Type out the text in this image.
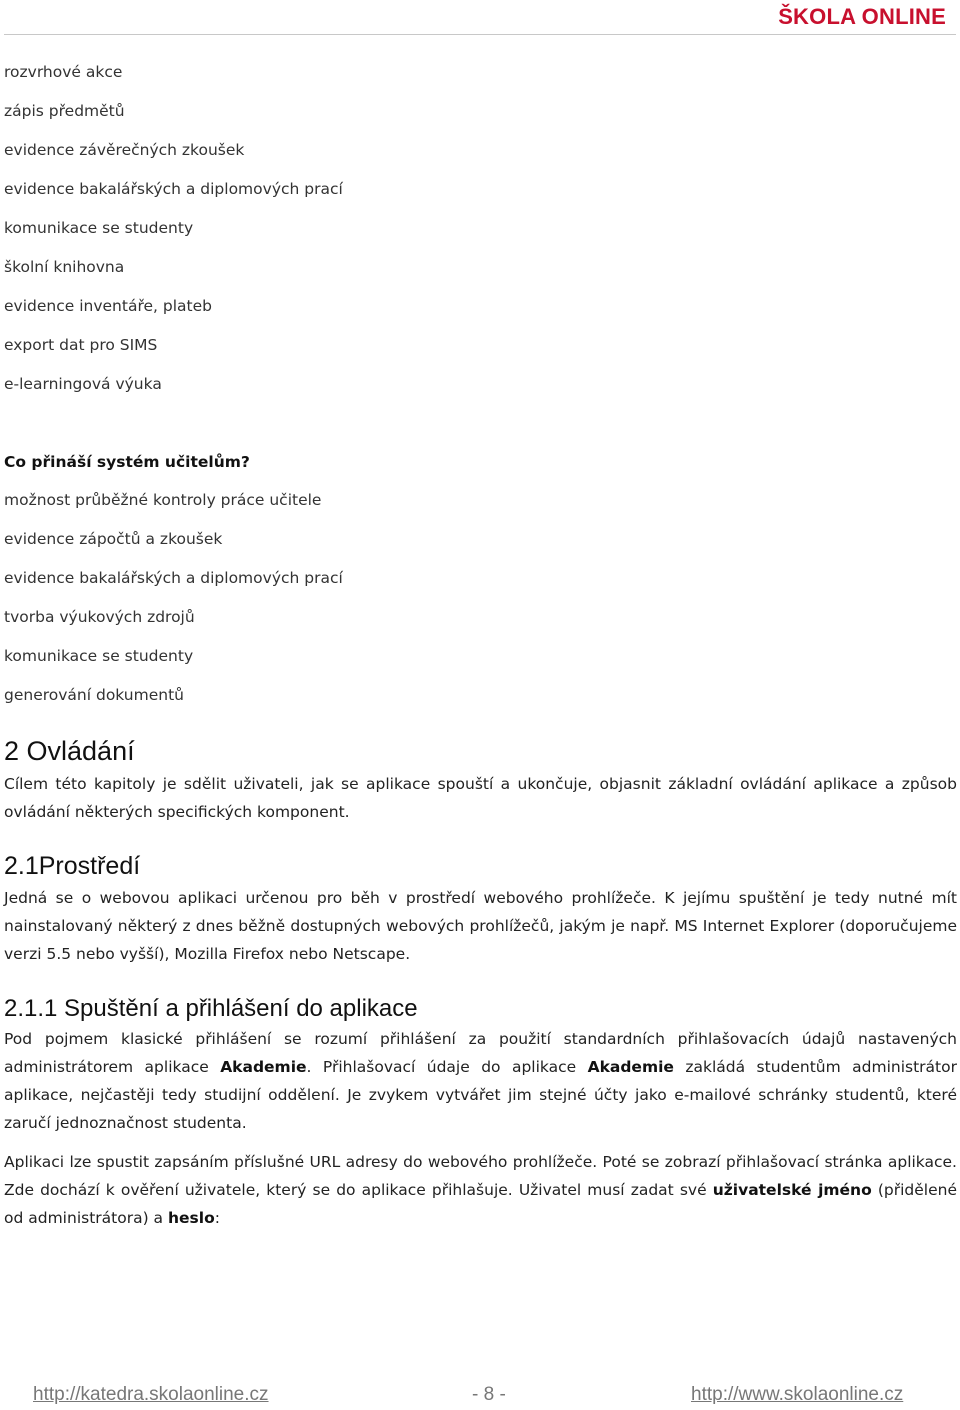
ŠKOLA ONLINE
rozvrhové akce
zápis předmětů
evidence závěrečných zkoušek
evidence bakalářských a diplomových prací
komunikace se studenty
školní knihovna
evidence inventáře, plateb
export dat pro SIMS
e-learningová výuka
Co přináší systém učitelům?
možnost průběžné kontroly práce učitele
evidence zápočtů a zkoušek
evidence bakalářských a diplomových prací
tvorba výukových zdrojů
komunikace se studenty
generování dokumentů
2 Ovládání

Cílem této kapitoly je sdělit uživateli, jak se aplikace spouští a ukončuje, objasnit základní ovládání aplikace a způsob ovládání některých specifických komponent.

2.1Prostředí

Jedná se o webovou aplikaci určenou pro běh v prostředí webového prohlížeče. K jejímu spuštění je tedy nutné mít nainstalovaný některý z dnes běžně dostupných webových prohlížečů, jakým je např. MS Internet Explorer (doporučujeme verzi 5.5 nebo vyšší), Mozilla Firefox nebo Netscape.

2.1.1 Spuštění a přihlášení do aplikace

Pod pojmem klasické přihlášení se rozumí přihlášení za použití standardních přihlašovacích údajů nastavených administrátorem aplikace Akademie. Přihlašovací údaje do aplikace Akademie zakládá studentům administrátor aplikace, nejčastěji tedy studijní oddělení. Je zvykem vytvářet jim stejné účty jako e-mailové schránky studentů, které zaručí jednoznačnost studenta.

Aplikaci lze spustit zapsáním příslušné URL adresy do webového prohlížeče. Poté se zobrazí přihlašovací stránka aplikace. Zde dochází k ověření uživatele, který se do aplikace přihlašuje. Uživatel musí zadat své uživatelské jméno (přidělené od administrátora) a heslo:

http://katedra.skolaonline.cz	- 8 -	http://www.skolaonline.cz
